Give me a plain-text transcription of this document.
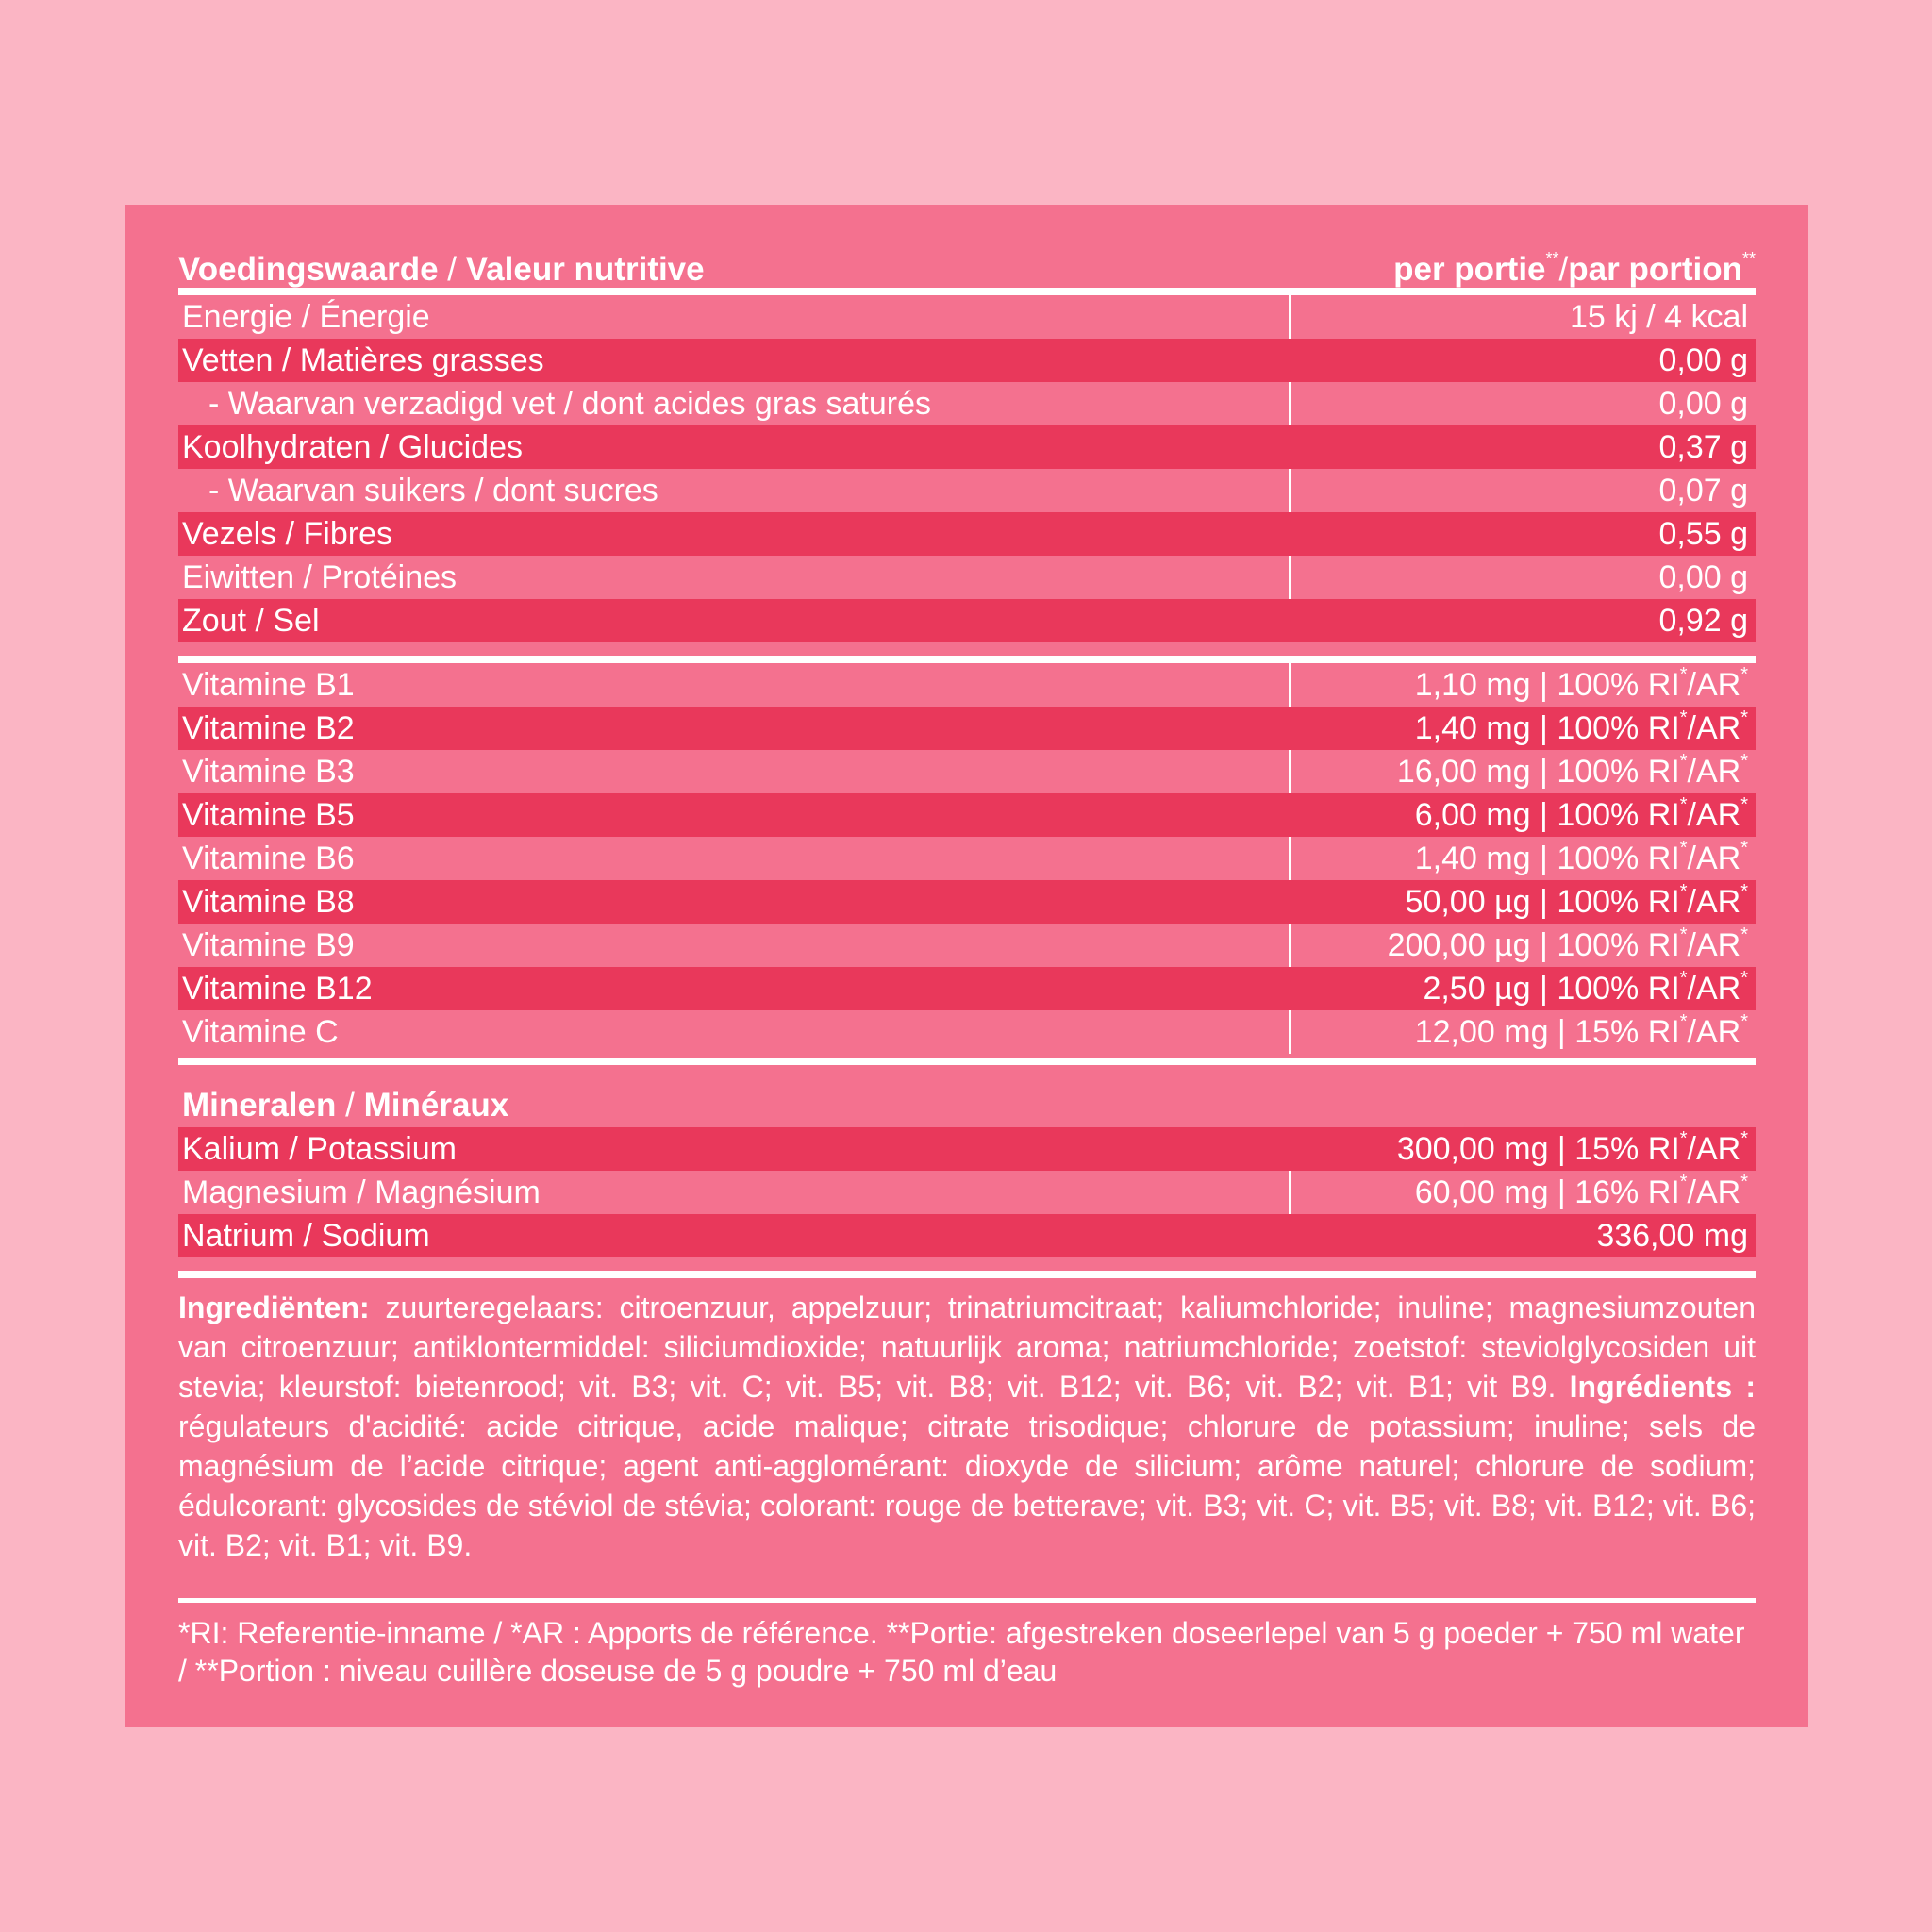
Voedingswaarde / Valeur nutritive	per portie**/par portion**
Energie / Énergie	15 kj / 4 kcal
Vetten / Matières grasses	0,00 g
- Waarvan verzadigd vet / dont acides gras saturés	0,00 g
Koolhydraten / Glucides	0,37 g
- Waarvan suikers / dont sucres	0,07 g
Vezels / Fibres	0,55 g
Eiwitten / Protéines	0,00 g
Zout / Sel	0,92 g
Vitamine B1	1,10 mg | 100% RI*/AR*
Vitamine B2	1,40 mg | 100% RI*/AR*
Vitamine B3	16,00 mg | 100% RI*/AR*
Vitamine B5	6,00 mg | 100% RI*/AR*
Vitamine B6	1,40 mg | 100% RI*/AR*
Vitamine B8	50,00 µg | 100% RI*/AR*
Vitamine B9	200,00 µg | 100% RI*/AR*
Vitamine B12	2,50 µg | 100% RI*/AR*
Vitamine C	12,00 mg | 15% RI*/AR*
Mineralen
/
Minéraux
Kalium / Potassium	300,00 mg | 15% RI*/AR*
Magnesium / Magnésium	60,00 mg | 16% RI*/AR*
Natrium / Sodium	336,00 mg
Ingrediënten: zuurteregelaars: citroenzuur, appelzuur; trinatriumcitraat; kaliumchloride; inuline; magnesiumzouten van citroenzuur; antiklontermiddel: siliciumdioxide; natuurlijk aroma; natriumchloride; zoetstof: steviolglycosiden uit stevia; kleurstof: bietenrood; vit. B3; vit. C; vit. B5; vit. B8; vit. B12; vit. B6; vit. B2; vit. B1; vit B9. Ingrédients : régulateurs d'acidité: acide citrique, acide malique; citrate trisodique; chlorure de potassium; inuline; sels de magnésium de l’acide citrique; agent anti-agglomérant: dioxyde de silicium; arôme naturel; chlorure de sodium; édulcorant: glycosides de stéviol de stévia; colorant: rouge de betterave; vit. B3; vit. C; vit. B5; vit. B8; vit. B12; vit. B6; vit. B2; vit. B1; vit. B9.
*RI: Referentie-inname / *AR : Apports de référence. **Portie: afgestreken doseerlepel van 5 g poeder + 750 ml water / **Portion : niveau cuillère doseuse de 5 g poudre + 750 ml d’eau
